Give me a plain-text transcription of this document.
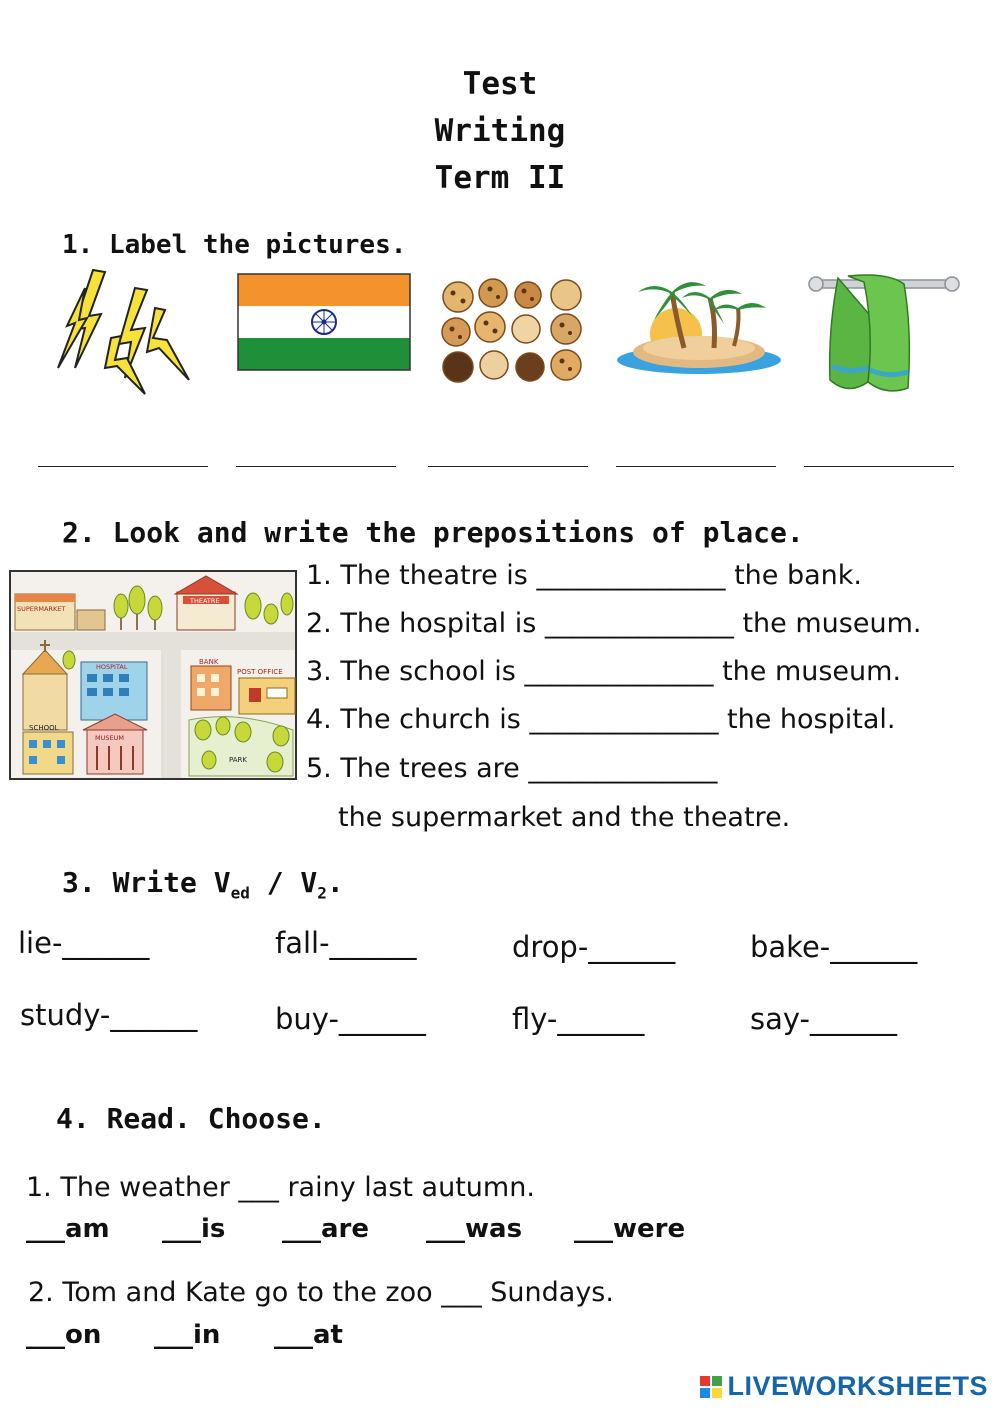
Test
Writing
Term II
1. Label the pictures.
2. Look and write the prepositions of place.
SUPERMARKET
THEATRE
HOSPITAL
SCHOOL
MUSEUM
BANK
POST OFFICE
PARK
1. The theatre is ______________ the bank.
2. The hospital is ______________ the museum.
3. The school is ______________ the museum.
4. The church is ______________ the hospital.
5. The trees are ______________
the supermarket and the theatre.
3. Write $V_{ed} / V_2$.
lie-______	fall-______	drop-______	bake-______
study-______	buy-______	fly-______	say-______
4. Read. Choose.
1. The weather ___ rainy last autumn.
___am ___is ___are ___was ___were
2. Tom and Kate go to the zoo ___ Sundays.
___on ___in ___at
LIVEWORKSHEETS
